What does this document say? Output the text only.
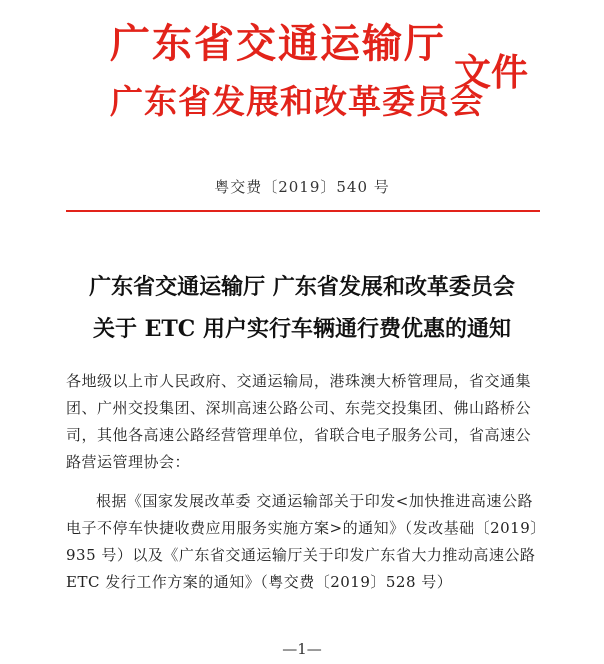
广东省交通运输厅
广东省发展和改革委员会
文件
粤交费〔2019〕540 号
广东省交通运输厅 广东省发展和改革委员会
关于 ETC 用户实行车辆通行费优惠的通知
各地级以上市人民政府、交通运输局，港珠澳大桥管理局，省交通集团、广州交投集团、深圳高速公路公司、东莞交投集团、佛山路桥公司，其他各高速公路经营管理单位，省联合电子服务公司，省高速公路营运管理协会：
根据《国家发展改革委 交通运输部关于印发<加快推进高速公路电子不停车快捷收费应用服务实施方案>的通知》（发改基础〔2019〕935 号）以及《广东省交通运输厅关于印发广东省大力推动高速公路 ETC 发行工作方案的通知》（粤交费〔2019〕528 号）
—1—
